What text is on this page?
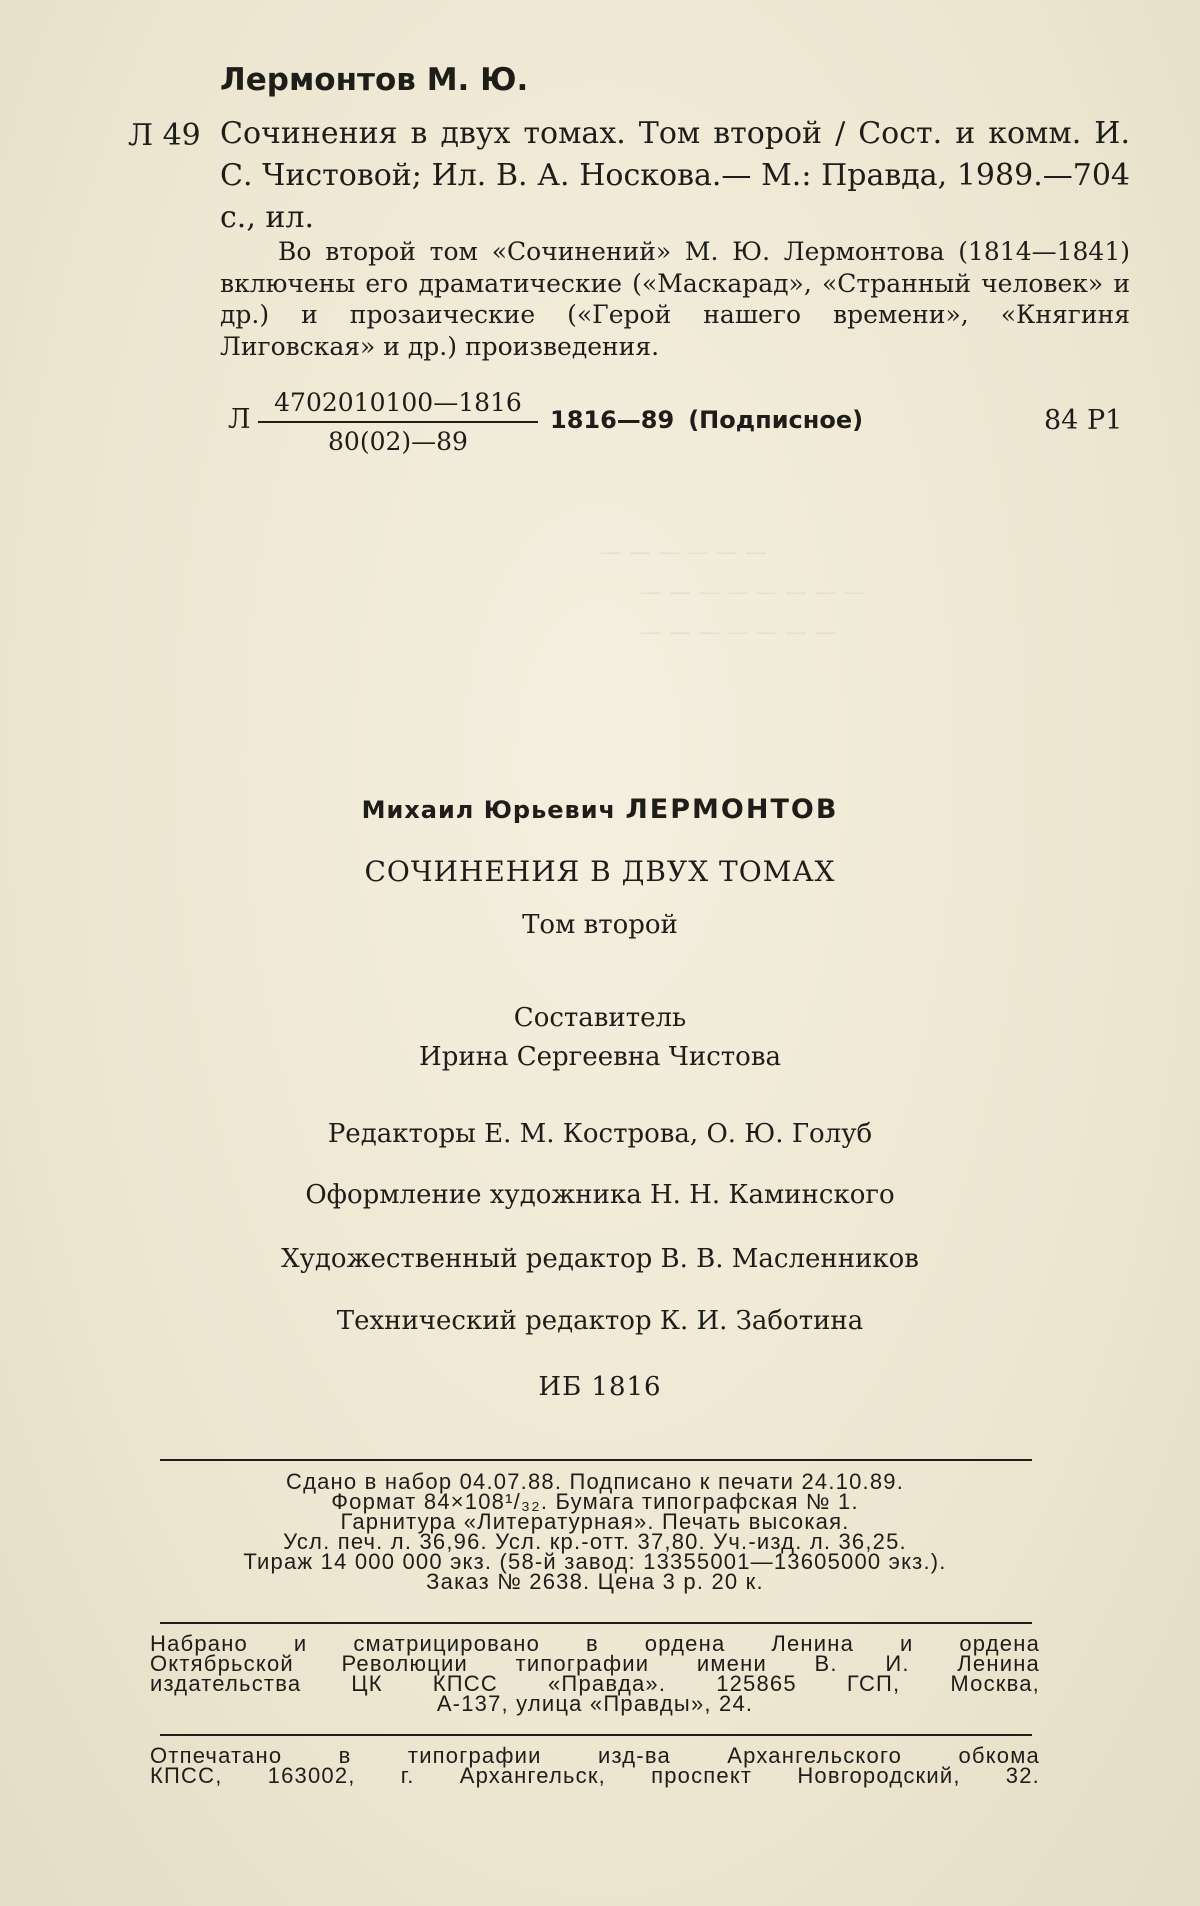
— — — — — —
— — — — — — — —
— — — — — — —
Лермонтов М. Ю.
Л 49 Сочинения в двух томах. Том второй / Сост. и комм. И. С. Чистовой; Ил. В. А. Носкова.— М.: Правда, 1989.—704 с., ил.
Во второй том «Сочинений» М. Ю. Лермонтова (1814—1841) включены его драматические («Маскарад», «Странный человек» и др.) и прозаические («Герой нашего времени», «Княгиня Лиговская» и др.) произведения.
Л
4702010100—1816
80(02)—89
1816—89 (Подписное)	84 Р1
Михаил Юрьевич ЛЕРМОНТОВ
СОЧИНЕНИЯ В ДВУХ ТОМАХ
Том второй
Составитель
Ирина Сергеевна Чистова
Редакторы Е. М. Кострова, О. Ю. Голуб
Оформление художника Н. Н. Каминского
Художественный редактор В. В. Масленников
Технический редактор К. И. Заботина
ИБ 1816
Сдано в набор 04.07.88. Подписано к печати 24.10.89.
Формат 84×108¹/₃₂. Бумага типографская № 1.
Гарнитура «Литературная». Печать высокая.
Усл. печ. л. 36,96. Усл. кр.-отт. 37,80. Уч.-изд. л. 36,25.
Тираж 14 000 000 экз. (58-й завод: 13355001—13605000 экз.).
Заказ № 2638. Цена 3 р. 20 к.
Набрано и сматрицировано в ордена Ленина и ордена
Октябрьской Революции типографии имени В. И. Ленина
издательства ЦК КПСС «Правда». 125865 ГСП, Москва,
А-137, улица «Правды», 24.
Отпечатано в типографии изд-ва Архангельского обкома
КПСС, 163002, г. Архангельск, проспект Новгородский, 32.
